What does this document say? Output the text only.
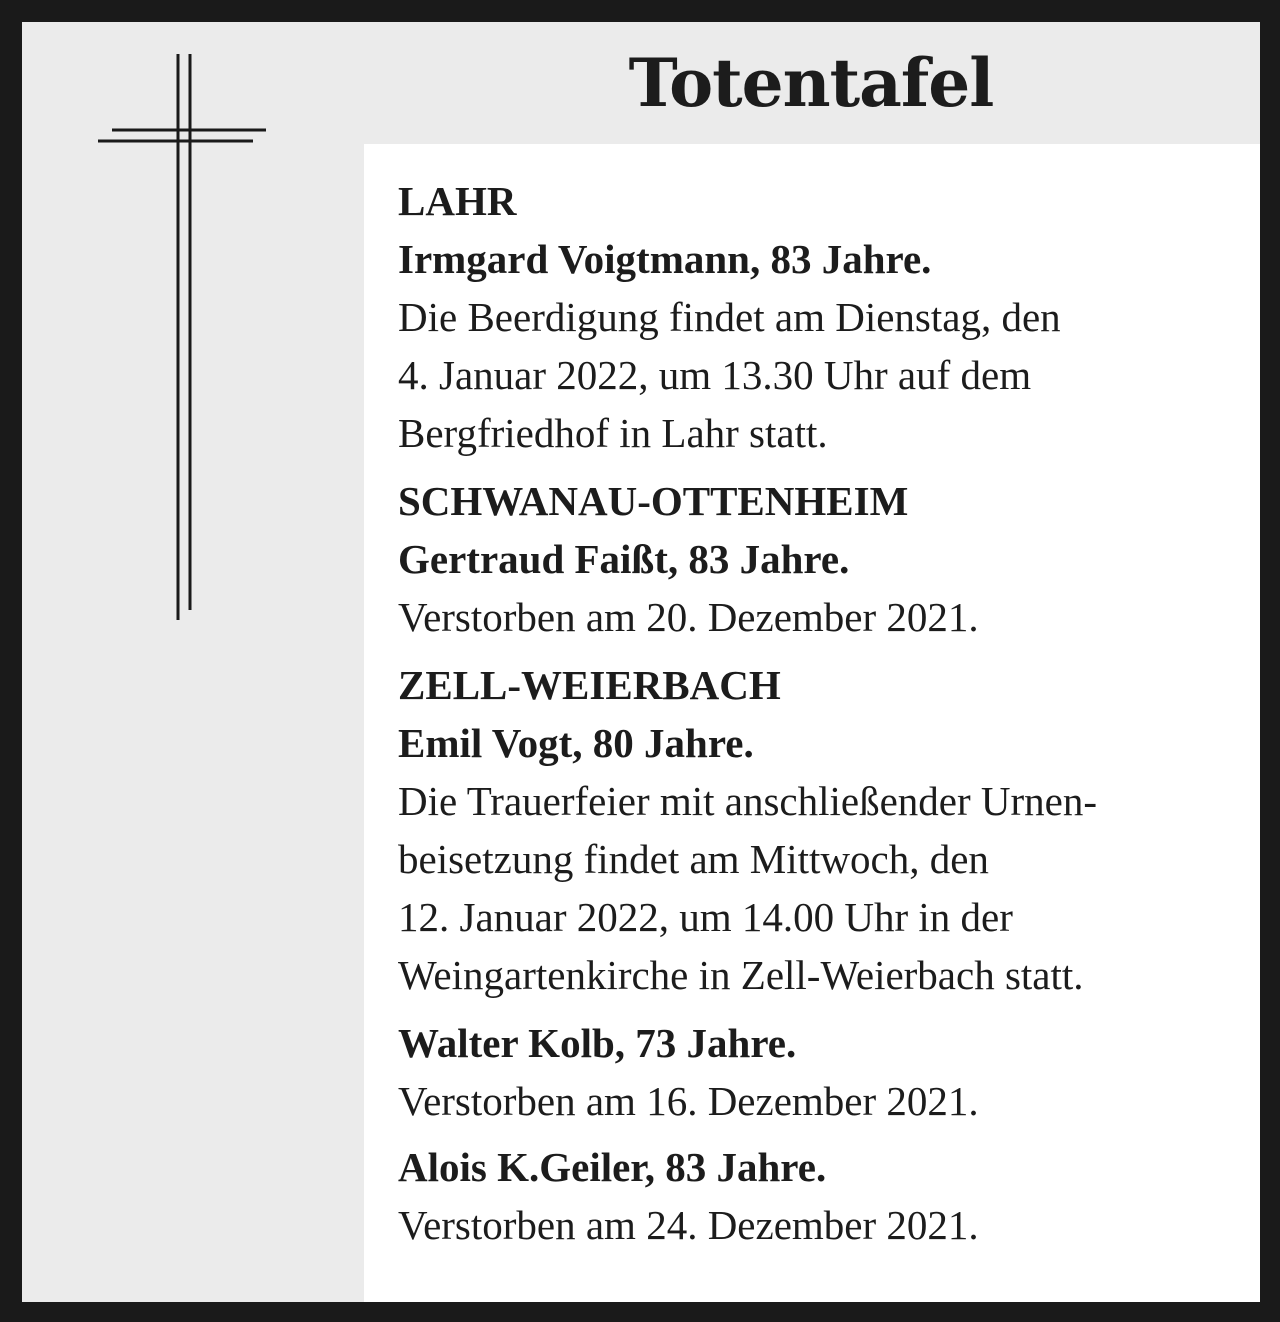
Totentafel
LAHR
Irmgard Voigtmann, 83 Jahre.
Die Beerdigung findet am Dienstag, den
4. Januar 2022, um 13.30 Uhr auf dem
Bergfriedhof in Lahr statt.
SCHWANAU-OTTENHEIM
Gertraud Faißt, 83 Jahre.
Verstorben am 20. Dezember 2021.
ZELL-WEIERBACH
Emil Vogt, 80 Jahre.
Die Trauerfeier mit anschließender Urnen-
beisetzung findet am Mittwoch, den
12. Januar 2022, um 14.00 Uhr in der
Weingartenkirche in Zell-Weierbach statt.
Walter Kolb, 73 Jahre.
Verstorben am 16. Dezember 2021.
Alois K.Geiler, 83 Jahre.
Verstorben am 24. Dezember 2021.
